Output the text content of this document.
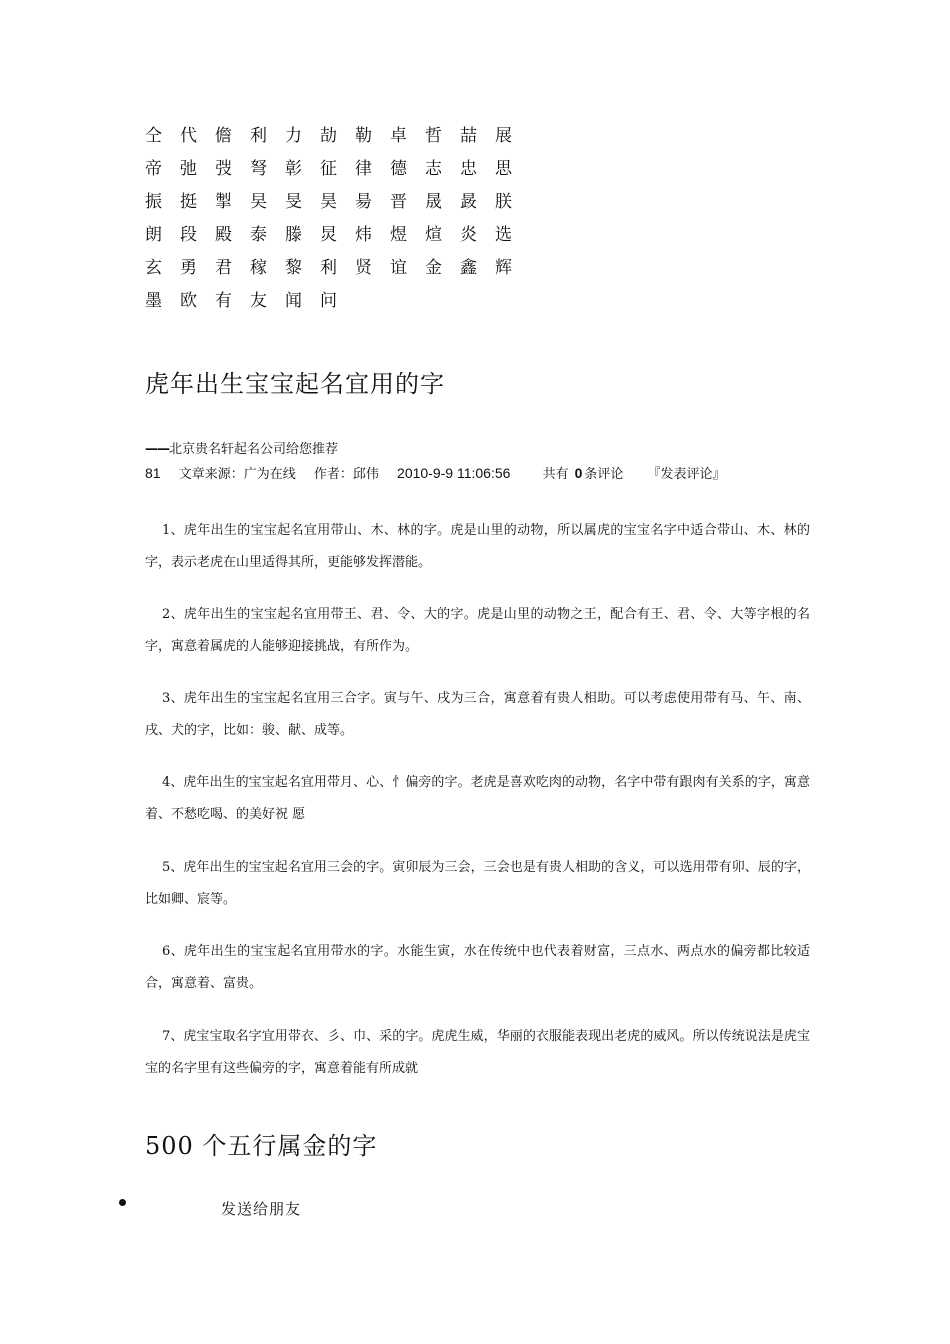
仝 代 儋 利 力 劼 勒 卓 哲 喆 展
帝 弛 弢 弩 彰 征 律 德 志 忠 思
振 挺 掣 旲 旻 昊 昜 晋 晟 晸 朕
朗 段 殿 泰 滕 炅 炜 煜 煊 炎 选
玄 勇 君 稼 黎 利 贤 谊 金 鑫 辉
墨 欧 有 友 闻 问
虎年出生宝宝起名宜用的字
——北京贵名轩起名公司给您推荐
81 文章来源：广为在线 作者：邱伟 2010-9-9 11:06:56 共有 0 条评论 『发表评论』

1、虎年出生的宝宝起名宜用带山、木、林的字。虎是山里的动物，所以属虎的宝宝名字中适合带山、木、林的字，表示老虎在山里适得其所，更能够发挥潜能。

2、虎年出生的宝宝起名宜用带王、君、令、大的字。虎是山里的动物之王，配合有王、君、令、大等字根的名字，寓意着属虎的人能够迎接挑战，有所作为。

3、虎年出生的宝宝起名宜用三合字。寅与午、戌为三合，寓意着有贵人相助。可以考虑使用带有马、午、南、戌、犬的字，比如：骏、献、成等。

4、虎年出生的宝宝起名宜用带月、心、忄偏旁的字。老虎是喜欢吃肉的动物，名字中带有跟肉有关系的字，寓意着、不愁吃喝、的美好祝 愿

5、虎年出生的宝宝起名宜用三会的字。寅卯辰为三会，三会也是有贵人相助的含义，可以选用带有卯、辰的字，比如卿、宸等。

6、虎年出生的宝宝起名宜用带水的字。水能生寅，水在传统中也代表着财富，三点水、两点水的偏旁都比较适合，寓意着、富贵。

7、虎宝宝取名字宜用带衣、彡、巾、采的字。虎虎生威，华丽的衣服能表现出老虎的威风。所以传统说法是虎宝宝的名字里有这些偏旁的字，寓意着能有所成就

500 个五行属金的字
发送给朋友
